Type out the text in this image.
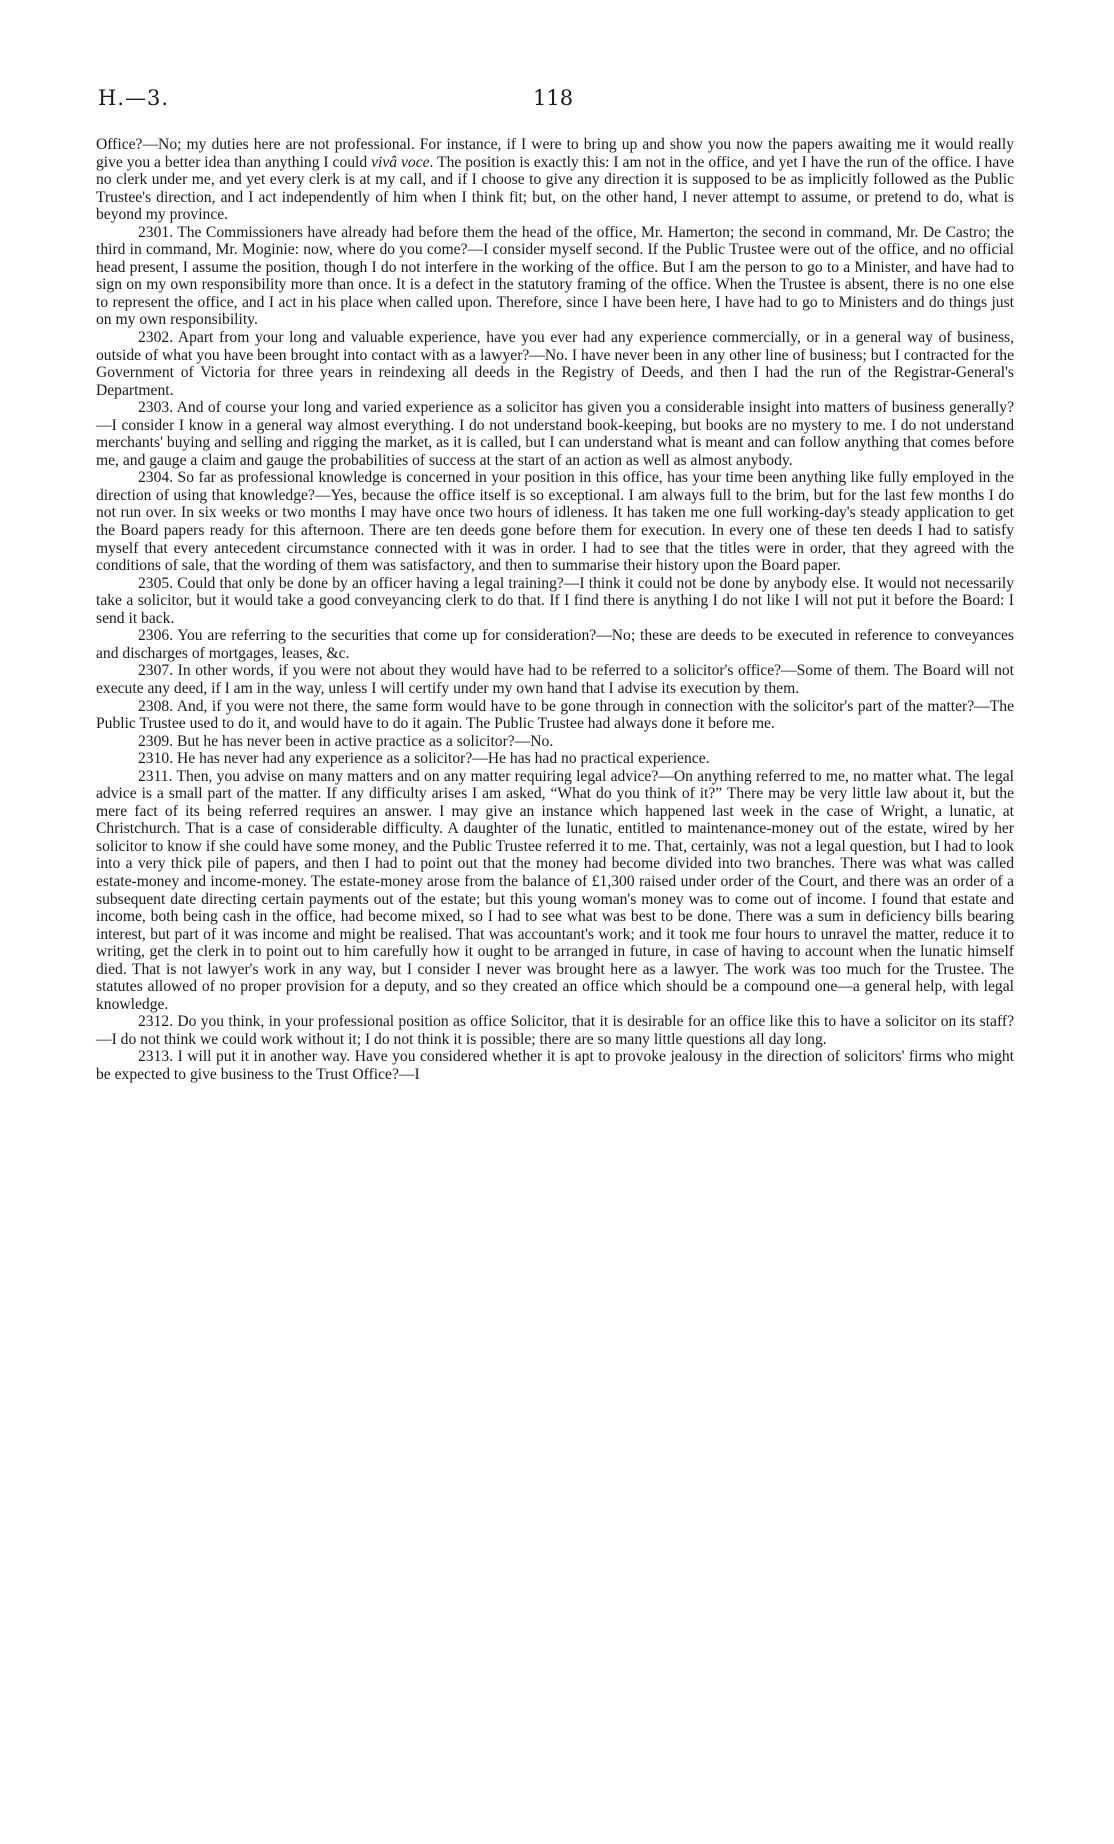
H.—3.	118

Office?—No; my duties here are not professional. For instance, if I were to bring up and show you now the papers awaiting me it would really give you a better idea than anything I could vivâ voce. The position is exactly this: I am not in the office, and yet I have the run of the office. I have no clerk under me, and yet every clerk is at my call, and if I choose to give any direction it is supposed to be as implicitly followed as the Public Trustee's direction, and I act independently of him when I think fit; but, on the other hand, I never attempt to assume, or pretend to do, what is beyond my province.

2301. The Commissioners have already had before them the head of the office, Mr. Hamerton; the second in command, Mr. De Castro; the third in command, Mr. Moginie: now, where do you come?—I consider myself second. If the Public Trustee were out of the office, and no official head present, I assume the position, though I do not interfere in the working of the office. But I am the person to go to a Minister, and have had to sign on my own responsibility more than once. It is a defect in the statutory framing of the office. When the Trustee is absent, there is no one else to represent the office, and I act in his place when called upon. Therefore, since I have been here, I have had to go to Ministers and do things just on my own responsibility.

2302. Apart from your long and valuable experience, have you ever had any experience commercially, or in a general way of business, outside of what you have been brought into contact with as a lawyer?—No. I have never been in any other line of business; but I contracted for the Government of Victoria for three years in reindexing all deeds in the Registry of Deeds, and then I had the run of the Registrar-General's Department.

2303. And of course your long and varied experience as a solicitor has given you a considerable insight into matters of business generally?—I consider I know in a general way almost everything. I do not understand book-keeping, but books are no mystery to me. I do not understand merchants' buying and selling and rigging the market, as it is called, but I can understand what is meant and can follow anything that comes before me, and gauge a claim and gauge the probabilities of success at the start of an action as well as almost anybody.

2304. So far as professional knowledge is concerned in your position in this office, has your time been anything like fully employed in the direction of using that knowledge?—Yes, because the office itself is so exceptional. I am always full to the brim, but for the last few months I do not run over. In six weeks or two months I may have once two hours of idleness. It has taken me one full working-day's steady application to get the Board papers ready for this afternoon. There are ten deeds gone before them for execution. In every one of these ten deeds I had to satisfy myself that every antecedent circumstance connected with it was in order. I had to see that the titles were in order, that they agreed with the conditions of sale, that the wording of them was satisfactory, and then to summarise their history upon the Board paper.

2305. Could that only be done by an officer having a legal training?—I think it could not be done by anybody else. It would not necessarily take a solicitor, but it would take a good conveyancing clerk to do that. If I find there is anything I do not like I will not put it before the Board: I send it back.

2306. You are referring to the securities that come up for consideration?—No; these are deeds to be executed in reference to conveyances and discharges of mortgages, leases, &c.

2307. In other words, if you were not about they would have had to be referred to a solicitor's office?—Some of them. The Board will not execute any deed, if I am in the way, unless I will certify under my own hand that I advise its execution by them.

2308. And, if you were not there, the same form would have to be gone through in connection with the solicitor's part of the matter?—The Public Trustee used to do it, and would have to do it again. The Public Trustee had always done it before me.

2309. But he has never been in active practice as a solicitor?—No.

2310. He has never had any experience as a solicitor?—He has had no practical experience.

2311. Then, you advise on many matters and on any matter requiring legal advice?—On anything referred to me, no matter what. The legal advice is a small part of the matter. If any difficulty arises I am asked, “What do you think of it?” There may be very little law about it, but the mere fact of its being referred requires an answer. I may give an instance which happened last week in the case of Wright, a lunatic, at Christchurch. That is a case of considerable difficulty. A daughter of the lunatic, entitled to maintenance-money out of the estate, wired by her solicitor to know if she could have some money, and the Public Trustee referred it to me. That, certainly, was not a legal question, but I had to look into a very thick pile of papers, and then I had to point out that the money had become divided into two branches. There was what was called estate-money and income-money. The estate-money arose from the balance of £1,300 raised under order of the Court, and there was an order of a subsequent date directing certain payments out of the estate; but this young woman's money was to come out of income. I found that estate and income, both being cash in the office, had become mixed, so I had to see what was best to be done. There was a sum in deficiency bills bearing interest, but part of it was income and might be realised. That was accountant's work; and it took me four hours to unravel the matter, reduce it to writing, get the clerk in to point out to him carefully how it ought to be arranged in future, in case of having to account when the lunatic himself died. That is not lawyer's work in any way, but I consider I never was brought here as a lawyer. The work was too much for the Trustee. The statutes allowed of no proper provision for a deputy, and so they created an office which should be a compound one—a general help, with legal knowledge.

2312. Do you think, in your professional position as office Solicitor, that it is desirable for an office like this to have a solicitor on its staff?—I do not think we could work without it; I do not think it is possible; there are so many little questions all day long.

2313. I will put it in another way. Have you considered whether it is apt to provoke jealousy in the direction of solicitors' firms who might be expected to give business to the Trust Office?—I
